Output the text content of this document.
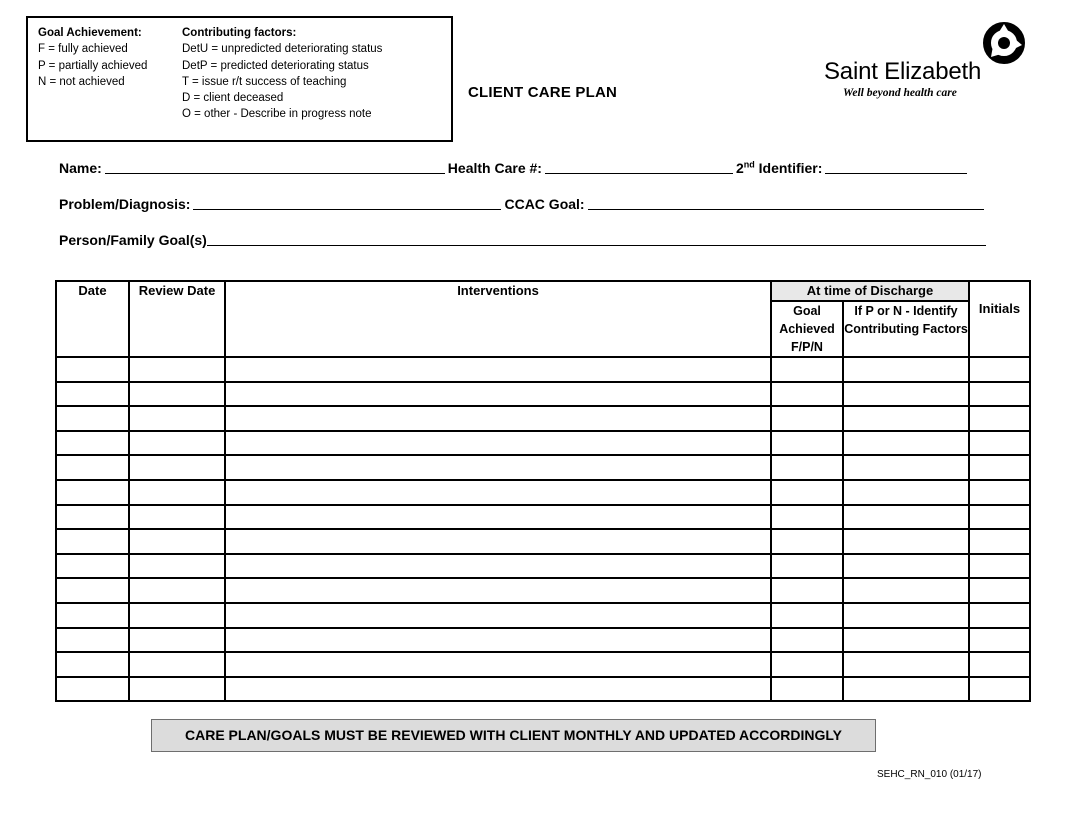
Goal Achievement:
F = fully achieved
P = partially achieved
N = not achieved
Contributing factors:
DetU = unpredicted deteriorating status
DetP = predicted deteriorating status
T = issue r/t success of teaching
D = client deceased
O = other - Describe in progress note
CLIENT CARE PLAN
Saint Elizabeth
Well beyond health care
Name:	Health Care #:	2nd Identifier:
Problem/Diagnosis:	CCAC Goal:
Person/Family Goal(s)
Date	Review Date	Interventions	At time of Discharge		Initials
			Goal Achieved F/P/N	If P or N - Identify Contributing Factors	

CARE PLAN/GOALS MUST BE REVIEWED WITH CLIENT MONTHLY AND UPDATED ACCORDINGLY
SEHC_RN_010 (01/17)
